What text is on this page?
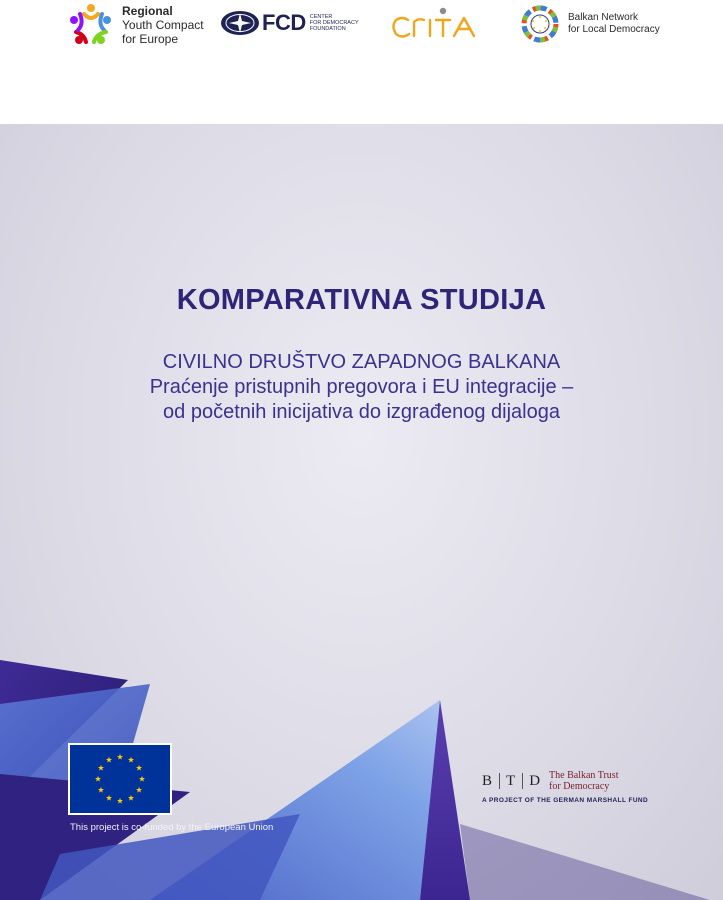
Regional
Youth Compact
for Europe
FCD CENTER
FOR DEMOCRACY
FOUNDATION
Balkan Network
for Local Democracy
KOMPARATIVNA STUDIJA
CIVILNO DRUŠTVO ZAPADNOG BALKANA
Praćenje pristupnih pregovora i EU integracije –
od početnih inicijativa do izgrađenog dijaloga
This project is co-funded by the European Union
B T D The Balkan Trust
for Democracy
A PROJECT OF THE GERMAN MARSHALL FUND
